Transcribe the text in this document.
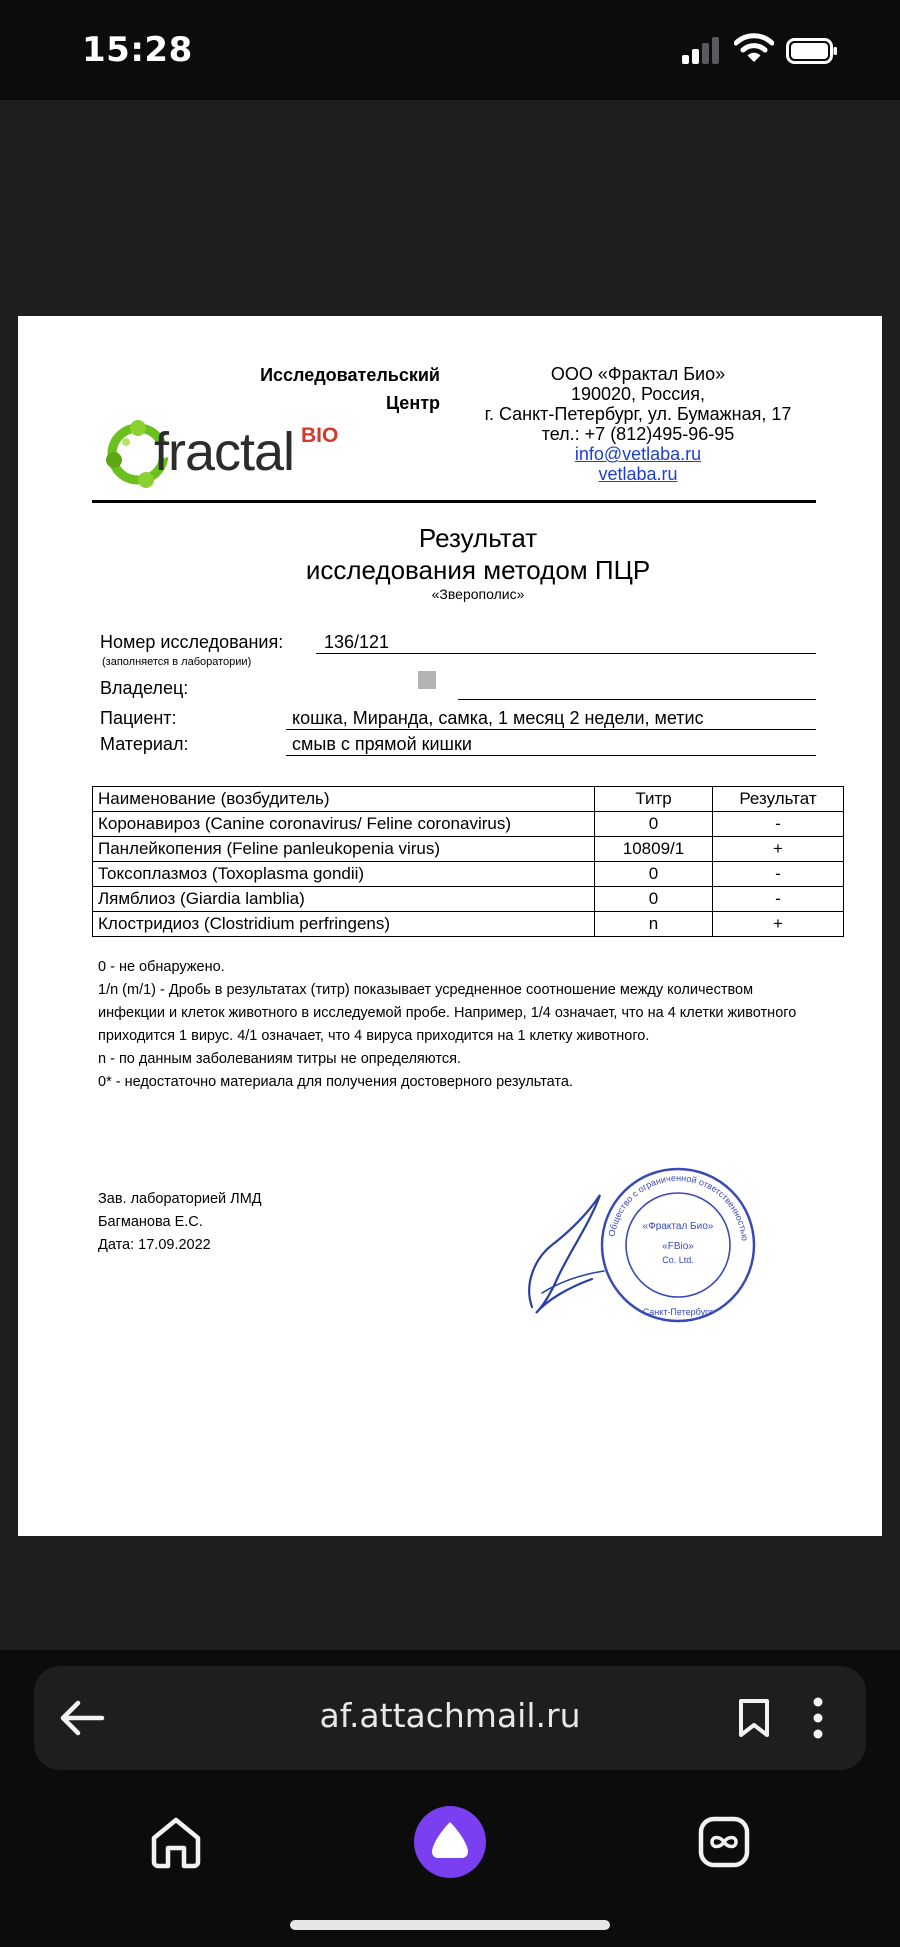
15:28
Исследовательский
Центр
fractal BIO
ООО «Фрактал Био»
190020, Россия,
г. Санкт-Петербург, ул. Бумажная, 17
тел.: +7 (812)495-96-95
info@vetlaba.ru
vetlaba.ru
Результат
исследования методом ПЦР
«Зверополис»
Номер исследования: 136/121
(заполняется в лаборатории)
Владелец:
Пациент:	кошка, Миранда, самка, 1 месяц 2 недели, метис
Материал:	смыв с прямой кишки
Наименование (возбудитель)	Титр	Результат
Коронавироз (Canine coronavirus/ Feline coronavirus)	0	-
Панлейкопения (Feline panleukopenia virus)	10809/1	+
Токсоплазмоз (Toxoplasma gondii)	0	-
Лямблиоз (Giardia lamblia)	0	-
Клостридиоз (Clostridium perfringens)	n	+
0 - не обнаружено.
1/n (m/1) - Дробь в результатах (титр) показывает усредненное соотношение между количеством инфекции и клеток животного в исследуемой пробе. Например, 1/4 означает, что на 4 клетки животного приходится 1 вирус. 4/1 означает, что 4 вируса приходится на 1 клетку животного.
n - по данным заболеваниям титры не определяются.
0* - недостаточно материала для получения достоверного результата.
Зав. лабораторией ЛМД
Багманова Е.С.
Дата: 17.09.2022
Общество с ограниченной ответственностью
«Фрактал Био»
«FBio»
Co. Ltd.
Санкт-Петербург
af.attachmail.ru
